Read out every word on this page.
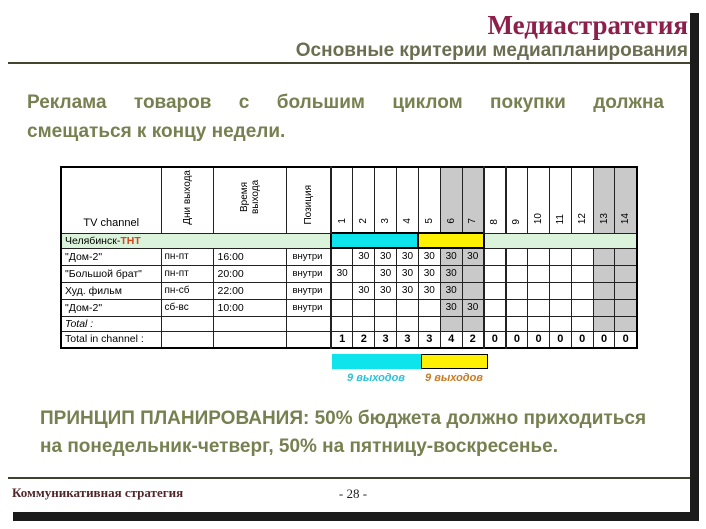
Медиастратегия
Основные критерии медиапланирования
Реклама товаров с большим циклом покупки должна
смещаться к концу недели.
TV channel	Дни выхода	Время выхода	Позиция	1	2	3	4	5	6	7	8	9	10	11	12	13	14
Челябинск-ТНТ																	
"Дом-2"	пн-пт	16:00	внутри		30	30	30	30	30	30							
"Большой брат"	пн-пт	20:00	внутри	30		30	30	30	30								
Худ. фильм	пн-сб	22:00	внутри		30	30	30	30	30								
"Дом-2"	сб-вс	10:00	внутри						30	30							
Total :																	
Total in channel :				1	2	3	3	3	4	2	0	0	0	0	0	0	0
9 выходов	9 выходов
ПРИНЦИП ПЛАНИРОВАНИЯ: 50% бюджета должно приходиться
на понедельник-четверг, 50% на пятницу-воскресенье.
Коммуникативная стратегия	- 28 -
